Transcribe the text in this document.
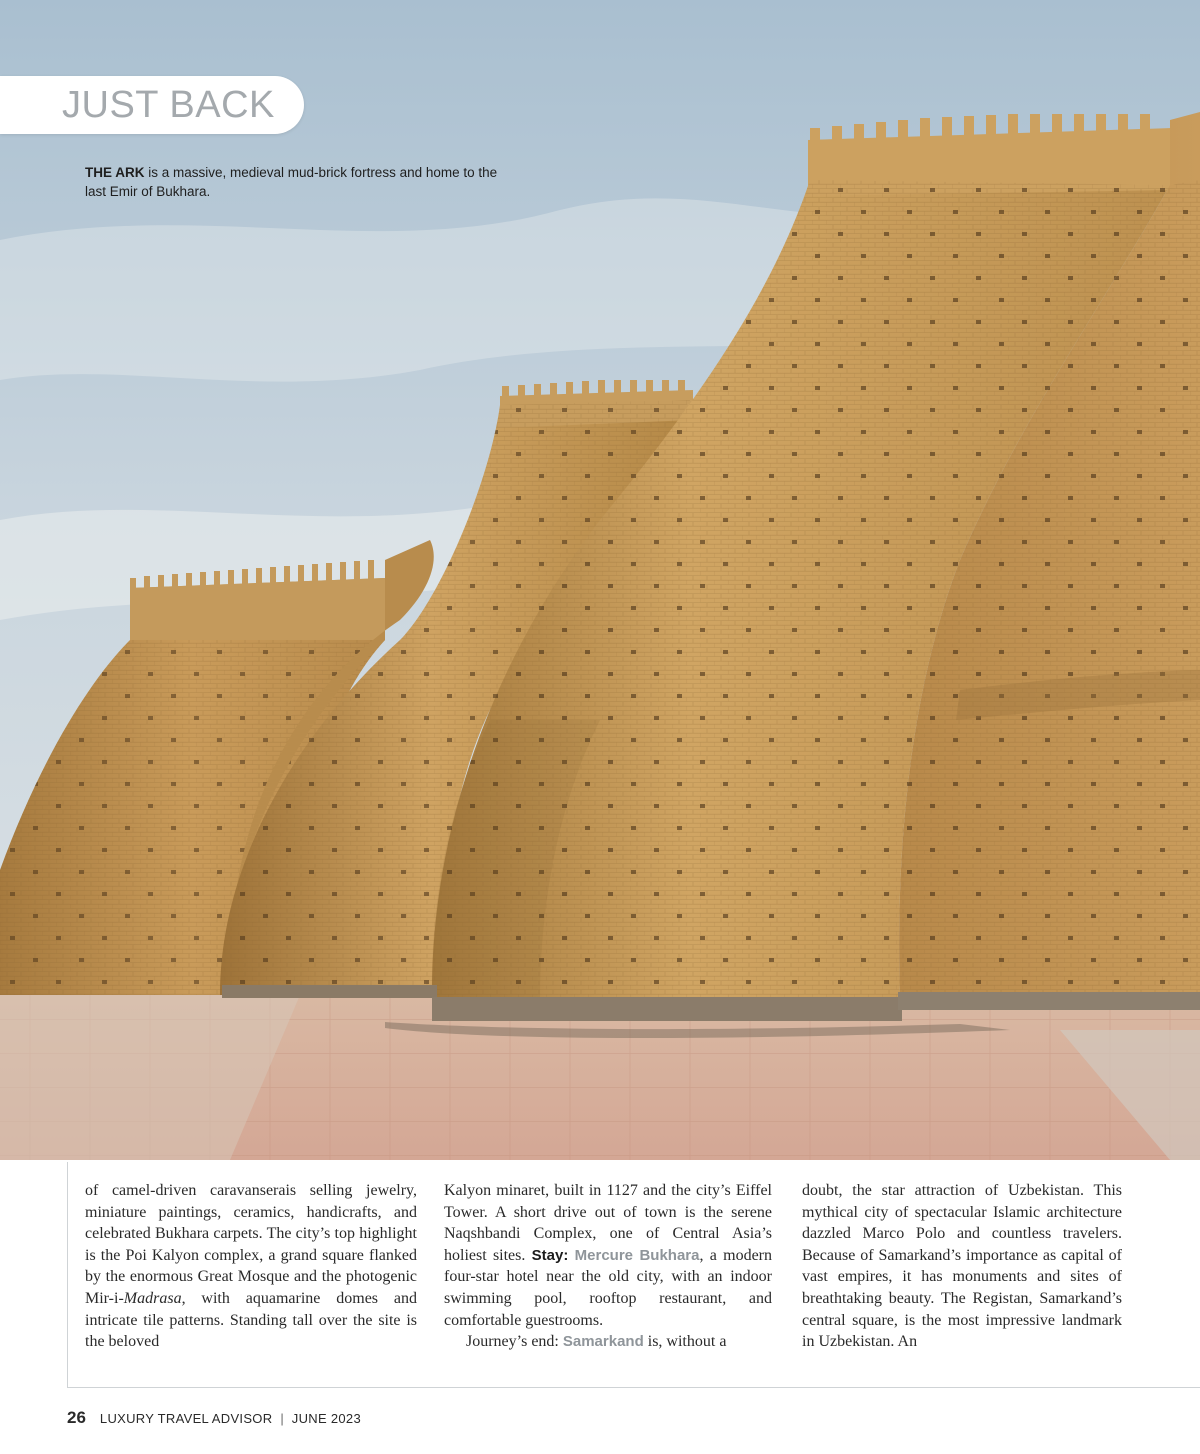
JUST BACK

THE ARK is a massive, medieval mud-brick fortress and home to the last Emir of Bukhara.

of camel-driven caravanserais selling jewelry, miniature paintings, ceramics, handicrafts, and celebrated Bukhara carpets. The city’s top highlight is the Poi Kalyon complex, a grand square flanked by the enormous Great Mosque and the photogenic Mir-i-Madrasa, with aquamarine domes and intricate tile patterns. Standing tall over the site is the beloved

Kalyon minaret, built in 1127 and the city’s Eiffel Tower. A short drive out of town is the serene Naqshbandi Complex, one of Central Asia’s holiest sites. Stay: Mercure Bukhara, a modern four-star hotel near the old city, with an indoor swimming pool, rooftop restaurant, and comfortable guestrooms.

Journey’s end: Samarkand is, without a

doubt, the star attraction of Uzbekistan. This mythical city of spectacular Islamic architecture dazzled Marco Polo and countless travelers. Because of Samarkand’s importance as capital of vast empires, it has monuments and sites of breathtaking beauty. The Registan, Samarkand’s central square, is the most impressive landmark in Uzbekistan. An

26 LUXURY TRAVEL ADVISOR | JUNE 2023
